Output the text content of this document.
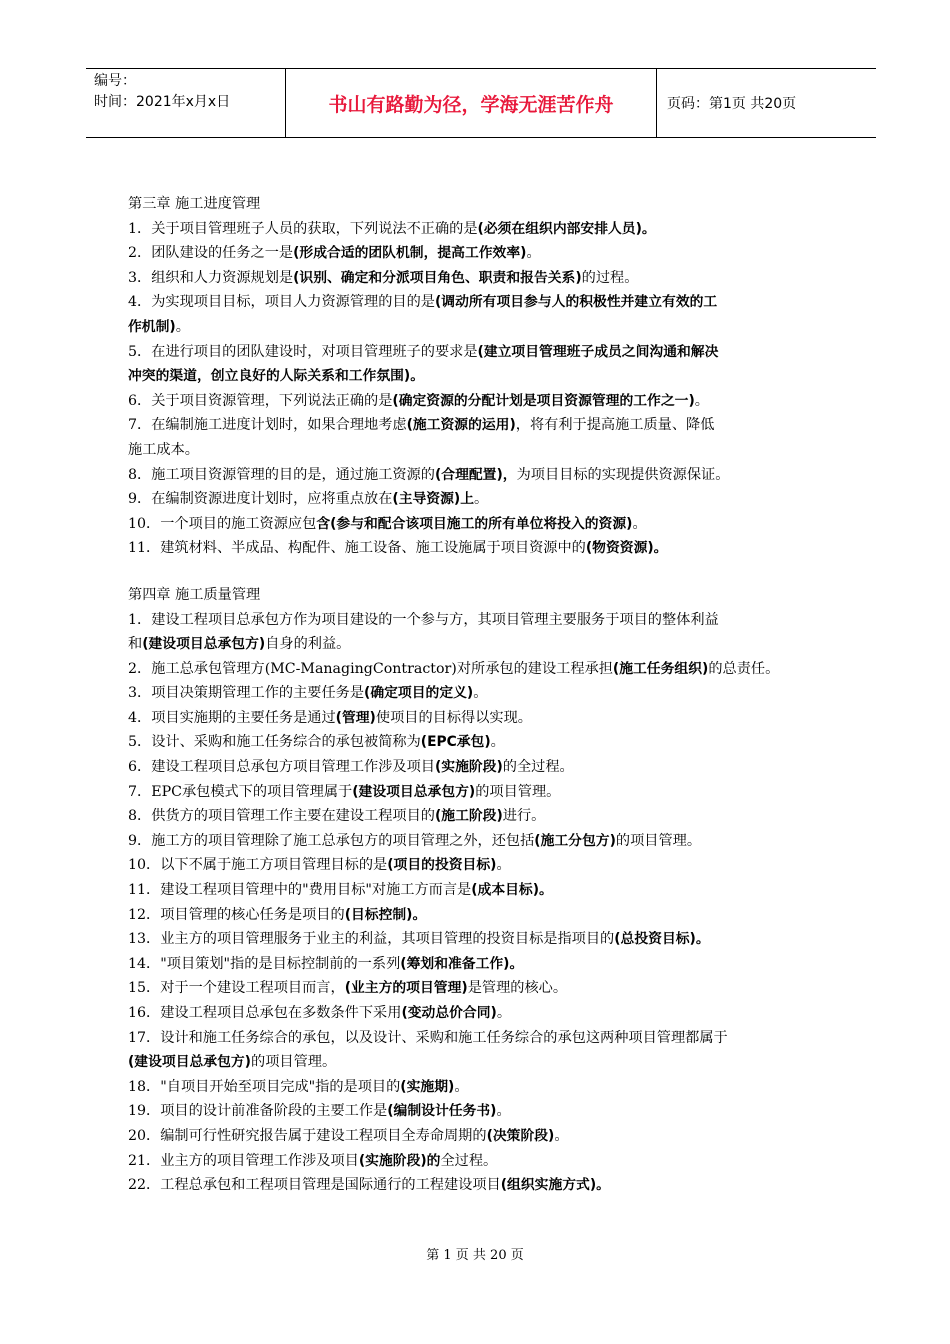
编号：
时间：2021年x月x日	书山有路勤为径，学海无涯苦作舟	页码：第1页 共20页
第三章 施工进度管理
1．关于项目管理班子人员的获取，下列说法不正确的是(必须在组织内部安排人员)。
2．团队建设的任务之一是(形成合适的团队机制，提高工作效率)。
3．组织和人力资源规划是(识别、确定和分派项目角色、职责和报告关系)的过程。
4．为实现项目目标，项目人力资源管理的目的是(调动所有项目参与人的积极性并建立有效的工
作机制)。
5．在进行项目的团队建设时，对项目管理班子的要求是(建立项目管理班子成员之间沟通和解决
冲突的渠道，创立良好的人际关系和工作氛围)。
6．关于项目资源管理，下列说法正确的是(确定资源的分配计划是项目资源管理的工作之一)。
7．在编制施工进度计划时，如果合理地考虑(施工资源的运用)，将有利于提高施工质量、降低
施工成本。
8．施工项目资源管理的目的是，通过施工资源的(合理配置)，为项目目标的实现提供资源保证。
9．在编制资源进度计划时，应将重点放在(主导资源)上。
10．一个项目的施工资源应包含(参与和配合该项目施工的所有单位将投入的资源)。
11．建筑材料、半成品、构配件、施工设备、施工设施属于项目资源中的(物资资源)。
第四章 施工质量管理
1．建设工程项目总承包方作为项目建设的一个参与方，其项目管理主要服务于项目的整体利益
和(建设项目总承包方)自身的利益。
2．施工总承包管理方(MC-ManagingContractor)对所承包的建设工程承担(施工任务组织)的总责任。
3．项目决策期管理工作的主要任务是(确定项目的定义)。
4．项目实施期的主要任务是通过(管理)使项目的目标得以实现。
5．设计、采购和施工任务综合的承包被简称为(EPC承包)。
6．建设工程项目总承包方项目管理工作涉及项目(实施阶段)的全过程。
7．EPC承包模式下的项目管理属于(建设项目总承包方)的项目管理。
8．供货方的项目管理工作主要在建设工程项目的(施工阶段)进行。
9．施工方的项目管理除了施工总承包方的项目管理之外，还包括(施工分包方)的项目管理。
10．以下不属于施工方项目管理目标的是(项目的投资目标)。
11．建设工程项目管理中的"费用目标"对施工方而言是(成本目标)。
12．项目管理的核心任务是项目的(目标控制)。
13．业主方的项目管理服务于业主的利益，其项目管理的投资目标是指项目的(总投资目标)。
14．"项目策划"指的是目标控制前的一系列(筹划和准备工作)。
15．对于一个建设工程项目而言，(业主方的项目管理)是管理的核心。
16．建设工程项目总承包在多数条件下采用(变动总价合同)。
17．设计和施工任务综合的承包，以及设计、采购和施工任务综合的承包这两种项目管理都属于
(建设项目总承包方)的项目管理。
18．"自项目开始至项目完成"指的是项目的(实施期)。
19．项目的设计前准备阶段的主要工作是(编制设计任务书)。
20．编制可行性研究报告属于建设工程项目全寿命周期的(决策阶段)。
21．业主方的项目管理工作涉及项目(实施阶段)的全过程。
22．工程总承包和工程项目管理是国际通行的工程建设项目(组织实施方式)。
第 1 页 共 20 页
